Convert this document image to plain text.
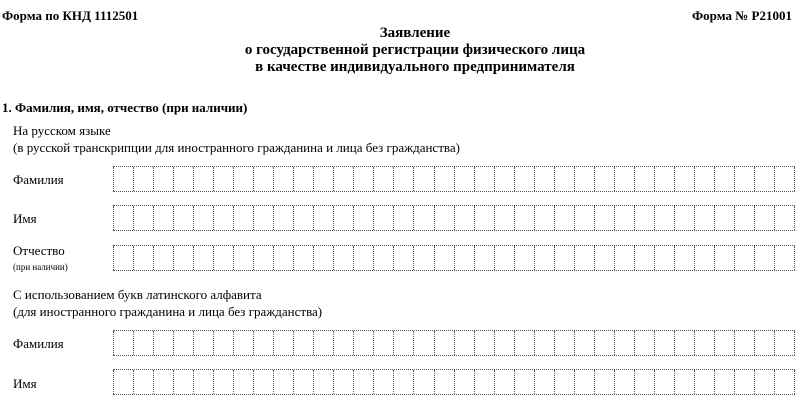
Форма по КНД 1112501	Форма № Р21001
Заявление
о государственной регистрации физического лица
в качестве индивидуального предпринимателя
1. Фамилия, имя, отчество (при наличии)
На русском языке
(в русской транскрипции для иностранного гражданина и лица без гражданства)
Фамилия
Имя
Отчество
(при наличии)
С использованием букв латинского алфавита
(для иностранного гражданина и лица без гражданства)
Фамилия
Имя
